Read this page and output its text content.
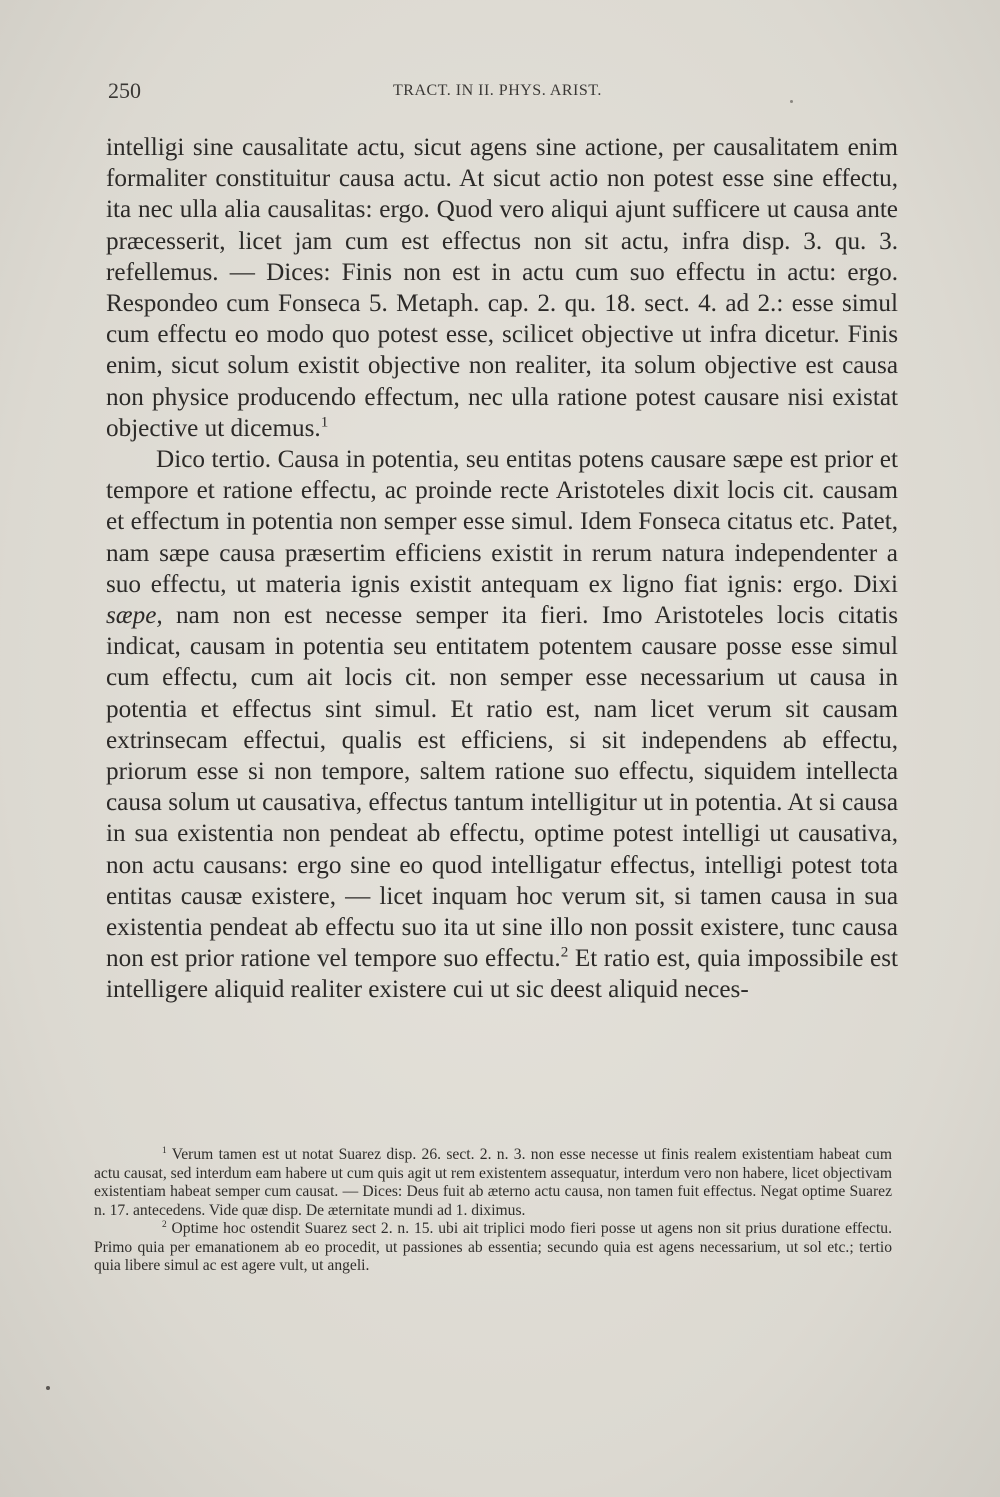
250	TRACT. IN II. PHYS. ARIST.

intelligi sine causalitate actu, sicut agens sine actione, per causalitatem enim formaliter constituitur causa actu. At sicut actio non potest esse sine effectu, ita nec ulla alia causalitas: ergo. Quod vero aliqui ajunt sufficere ut causa ante præcesserit, licet jam cum est effectus non sit actu, infra disp. 3. qu. 3. refellemus. — Dices: Finis non est in actu cum suo effectu in actu: ergo. Respondeo cum Fonseca 5. Metaph. cap. 2. qu. 18. sect. 4. ad 2.: esse simul cum effectu eo modo quo potest esse, scilicet objective ut infra dicetur. Finis enim, sicut solum existit objective non realiter, ita solum objective est causa non physice producendo effectum, nec ulla ratione potest causare nisi existat objective ut dicemus.$^1$

Dico tertio. Causa in potentia, seu entitas potens causare sæpe est prior et tempore et ratione effectu, ac proinde recte Aristoteles dixit locis cit. causam et effectum in potentia non semper esse simul. Idem Fonseca citatus etc. Patet, nam sæpe causa præsertim efficiens existit in rerum natura independenter a suo effectu, ut materia ignis existit antequam ex ligno fiat ignis: ergo. Dixi sæpe, nam non est necesse semper ita fieri. Imo Aristoteles locis citatis indicat, causam in potentia seu entitatem potentem causare posse esse simul cum effectu, cum ait locis cit. non semper esse necessarium ut causa in potentia et effectus sint simul. Et ratio est, nam licet verum sit causam extrinsecam effectui, qualis est efficiens, si sit independens ab effectu, priorum esse si non tempore, saltem ratione suo effectu, siquidem intellecta causa solum ut causativa, effectus tantum intelligitur ut in potentia. At si causa in sua existentia non pendeat ab effectu, optime potest intelligi ut causativa, non actu causans: ergo sine eo quod intelligatur effectus, intelligi potest tota entitas causæ existere, — licet inquam hoc verum sit, si tamen causa in sua existentia pendeat ab effectu suo ita ut sine illo non possit existere, tunc causa non est prior ratione vel tempore suo effectu.$^2$ Et ratio est, quia impossibile est intelligere aliquid realiter existere cui ut sic deest aliquid neces-

$^1$ Verum tamen est ut notat Suarez disp. 26. sect. 2. n. 3. non esse necesse ut finis realem existentiam habeat cum actu causat, sed interdum eam habere ut cum quis agit ut rem existentem assequatur, interdum vero non habere, licet objectivam existentiam habeat semper cum causat. — Dices: Deus fuit ab æterno actu causa, non tamen fuit effectus. Negat optime Suarez n. 17. antecedens. Vide quæ disp. De æternitate mundi ad 1. diximus.

$^2$ Optime hoc ostendit Suarez sect 2. n. 15. ubi ait triplici modo fieri posse ut agens non sit prius duratione effectu. Primo quia per emanationem ab eo procedit, ut passiones ab essentia; secundo quia est agens necessarium, ut sol etc.; tertio quia libere simul ac est agere vult, ut angeli.
